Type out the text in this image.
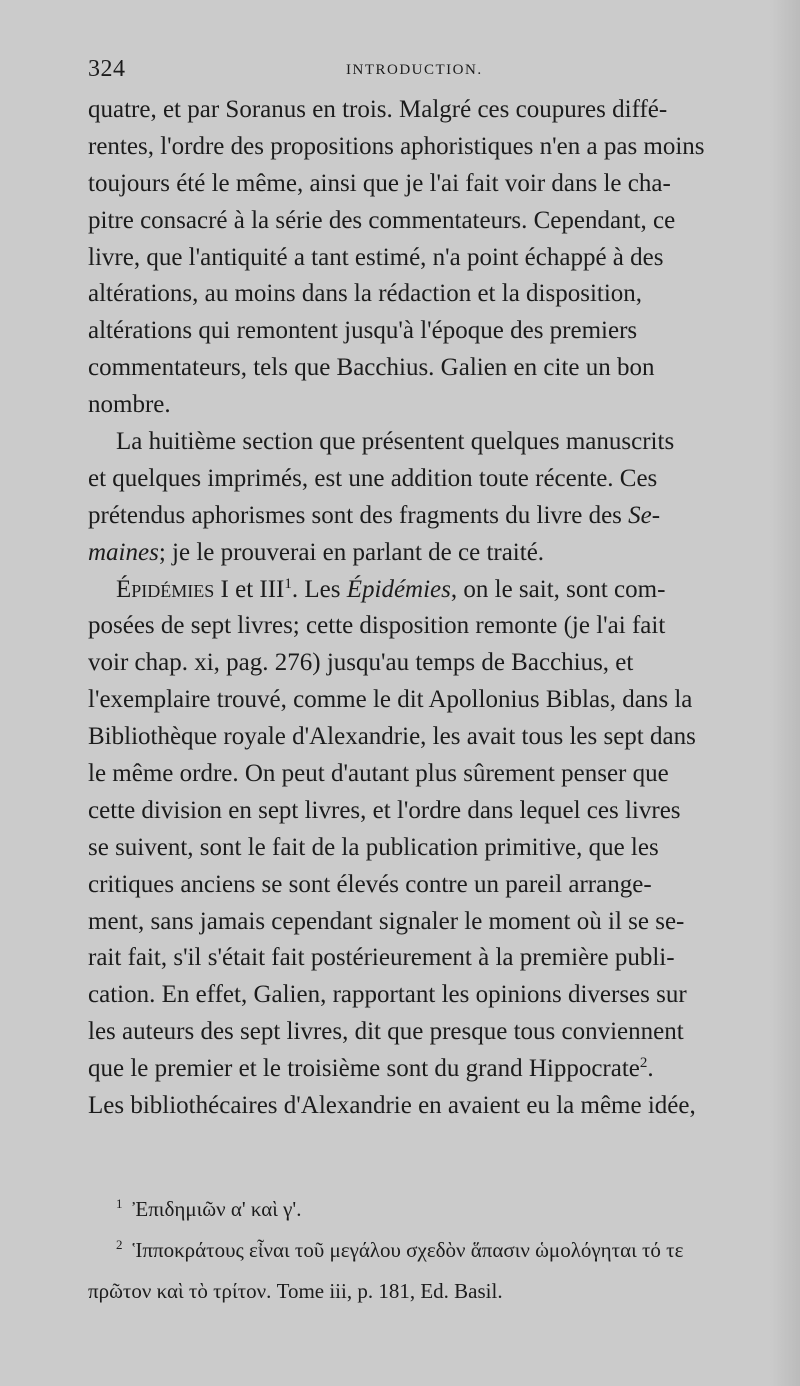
324	INTRODUCTION.
quatre, et par Soranus en trois. Malgré ces coupures diffé-
rentes, l'ordre des propositions aphoristiques n'en a pas moins
toujours été le même, ainsi que je l'ai fait voir dans le cha-
pitre consacré à la série des commentateurs. Cependant, ce
livre, que l'antiquité a tant estimé, n'a point échappé à des
altérations, au moins dans la rédaction et la disposition,
altérations qui remontent jusqu'à l'époque des premiers
commentateurs, tels que Bacchius. Galien en cite un bon
nombre.
La huitième section que présentent quelques manuscrits
et quelques imprimés, est une addition toute récente. Ces
prétendus aphorismes sont des fragments du livre des Se-
maines; je le prouverai en parlant de ce traité.
Épidémies I et III$^1$. Les Épidémies, on le sait, sont com-
posées de sept livres; cette disposition remonte (je l'ai fait
voir chap. xi, pag. 276) jusqu'au temps de Bacchius, et
l'exemplaire trouvé, comme le dit Apollonius Biblas, dans la
Bibliothèque royale d'Alexandrie, les avait tous les sept dans
le même ordre. On peut d'autant plus sûrement penser que
cette division en sept livres, et l'ordre dans lequel ces livres
se suivent, sont le fait de la publication primitive, que les
critiques anciens se sont élevés contre un pareil arrange-
ment, sans jamais cependant signaler le moment où il se se-
rait fait, s'il s'était fait postérieurement à la première publi-
cation. En effet, Galien, rapportant les opinions diverses sur
les auteurs des sept livres, dit que presque tous conviennent
que le premier et le troisième sont du grand Hippocrate$^2$.
Les bibliothécaires d'Alexandrie en avaient eu la même idée,
$^1$ Ἐπιδημιῶν α' καὶ γ'.
$^2$ Ἱπποκράτους εἶναι τοῦ μεγάλου σχεδὸν ἅπασιν ὡμολόγηται τό τε
πρῶτον καὶ τὸ τρίτον. Tome iii, p. 181, Ed. Basil.
